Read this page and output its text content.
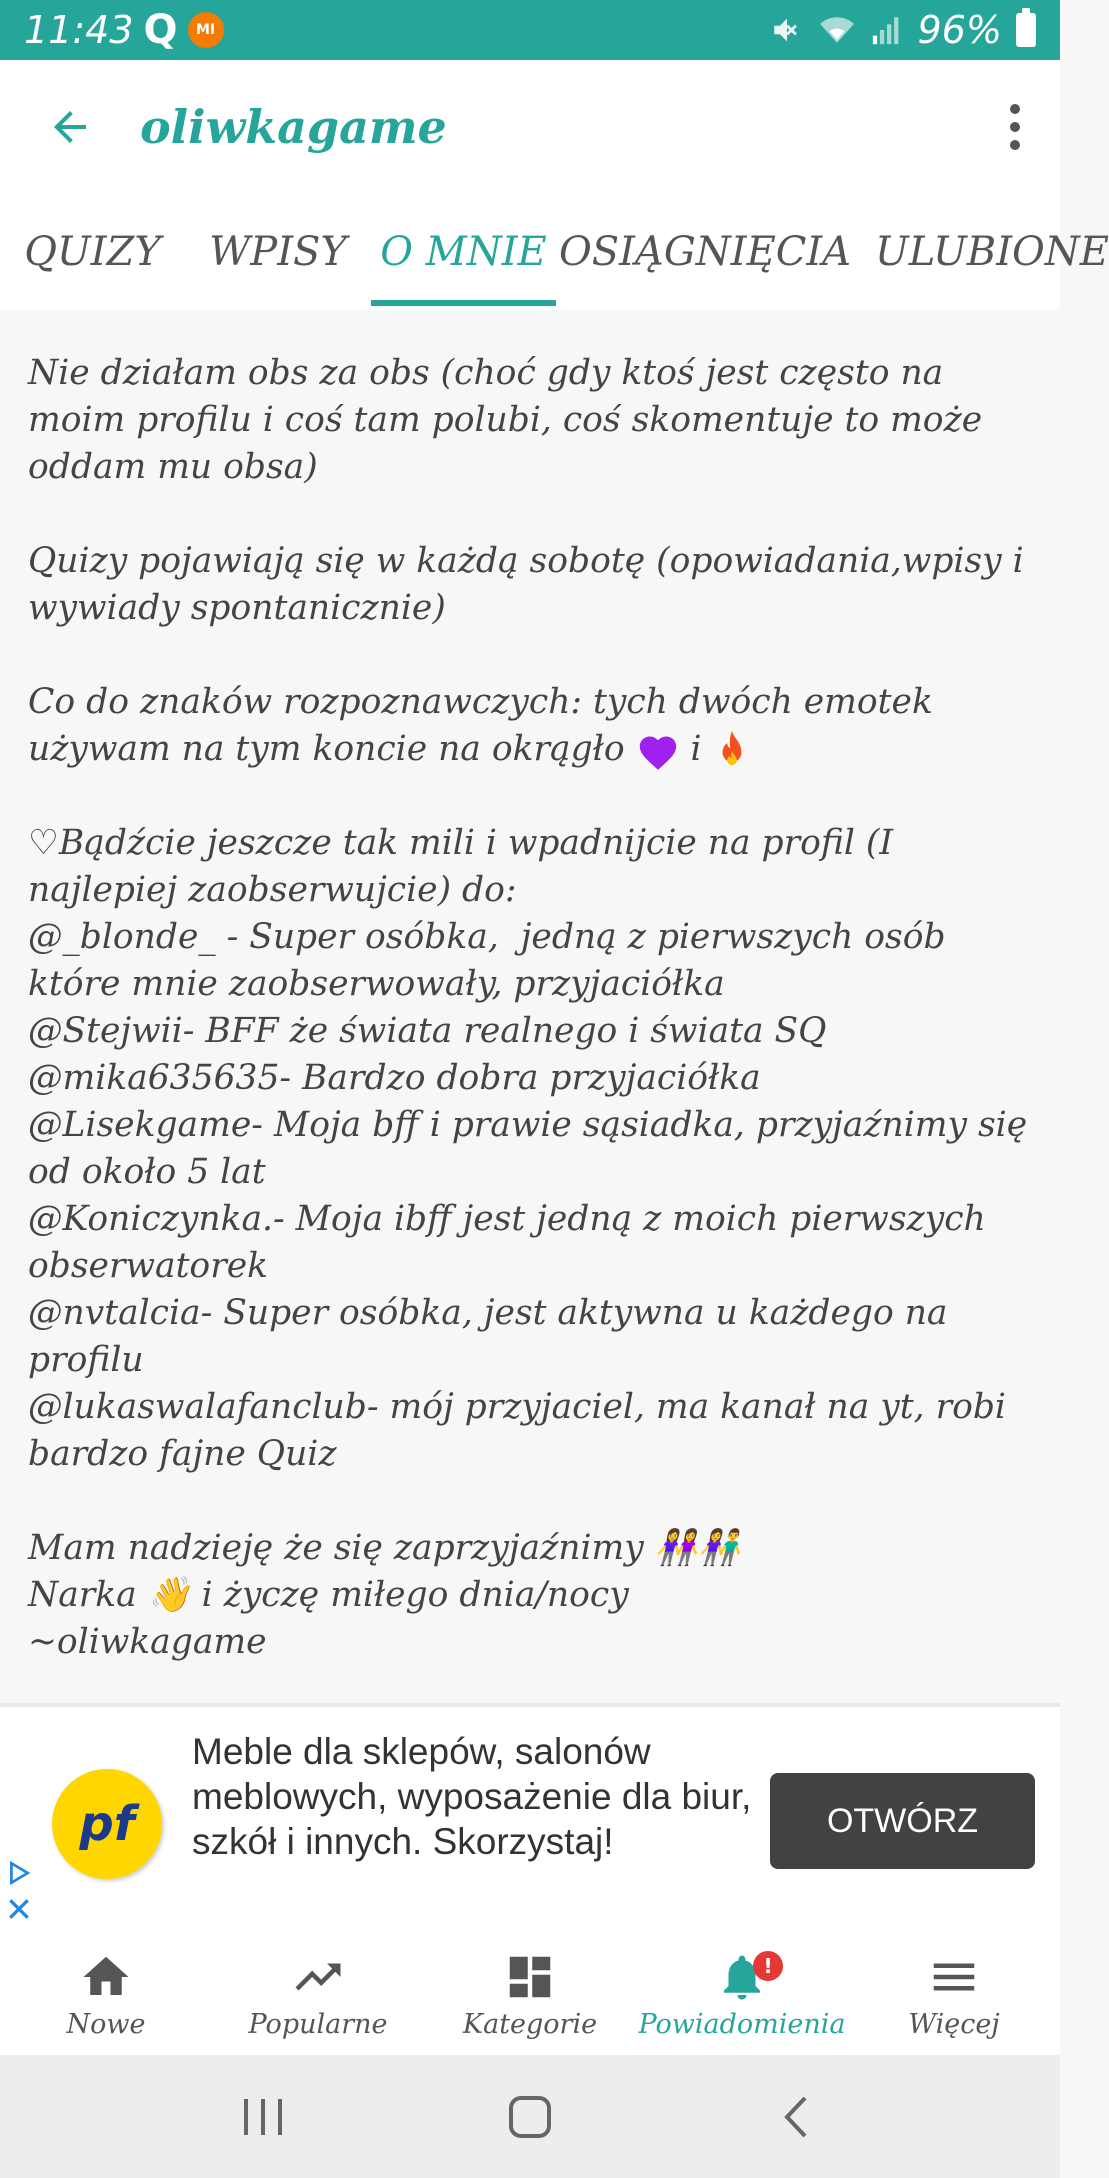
11:43 Q	MI	96%
oliwkagame
QUIZY	WPISY O MNIE OSIĄGNIĘCIA ULUBIONE

Nie działam obs za obs (choć gdy ktoś jest często na moim profilu i coś tam polubi, coś skomentuje to może oddam mu obsa)

Quizy pojawiają się w każdą sobotę (opowiadania,wpisy i wywiady spontanicznie)

Co do znaków rozpoznawczych: tych dwóch emotek używam na tym koncie na okrągło  i

♡Bądźcie jeszcze tak mili i wpadnijcie na profil (I najlepiej zaobserwujcie) do:
@_blonde_ - Super osóbka,  jedną z pierwszych osób które mnie zaobserwowały, przyjaciółka
@Stejwii- BFF że świata realnego i świata SQ
@mika635635- Bardzo dobra przyjaciółka
@Lisekgame- Moja bff i prawie sąsiadka, przyjaźnimy się od około 5 lat
@Koniczynka.- Moja ibff jest jedną z moich pierwszych obserwatorek
@nvtalcia- Super osóbka, jest aktywna u każdego na profilu
@lukaswalafanclub- mój przyjaciel, ma kanał na yt, robi bardzo fajne Quiz

Mam nadzieję że się zaprzyjaźnimy 👭👫
Narka 👋 i życzę miłego dnia/nocy
~oliwkagame

pf
Meble dla sklepów, salonów meblowych, wyposażenie dla biur, szkół i innych. Skorzystaj!
OTWÓRZ
Nowe	Popularne	Kategorie
!
Powiadomienia Więcej
